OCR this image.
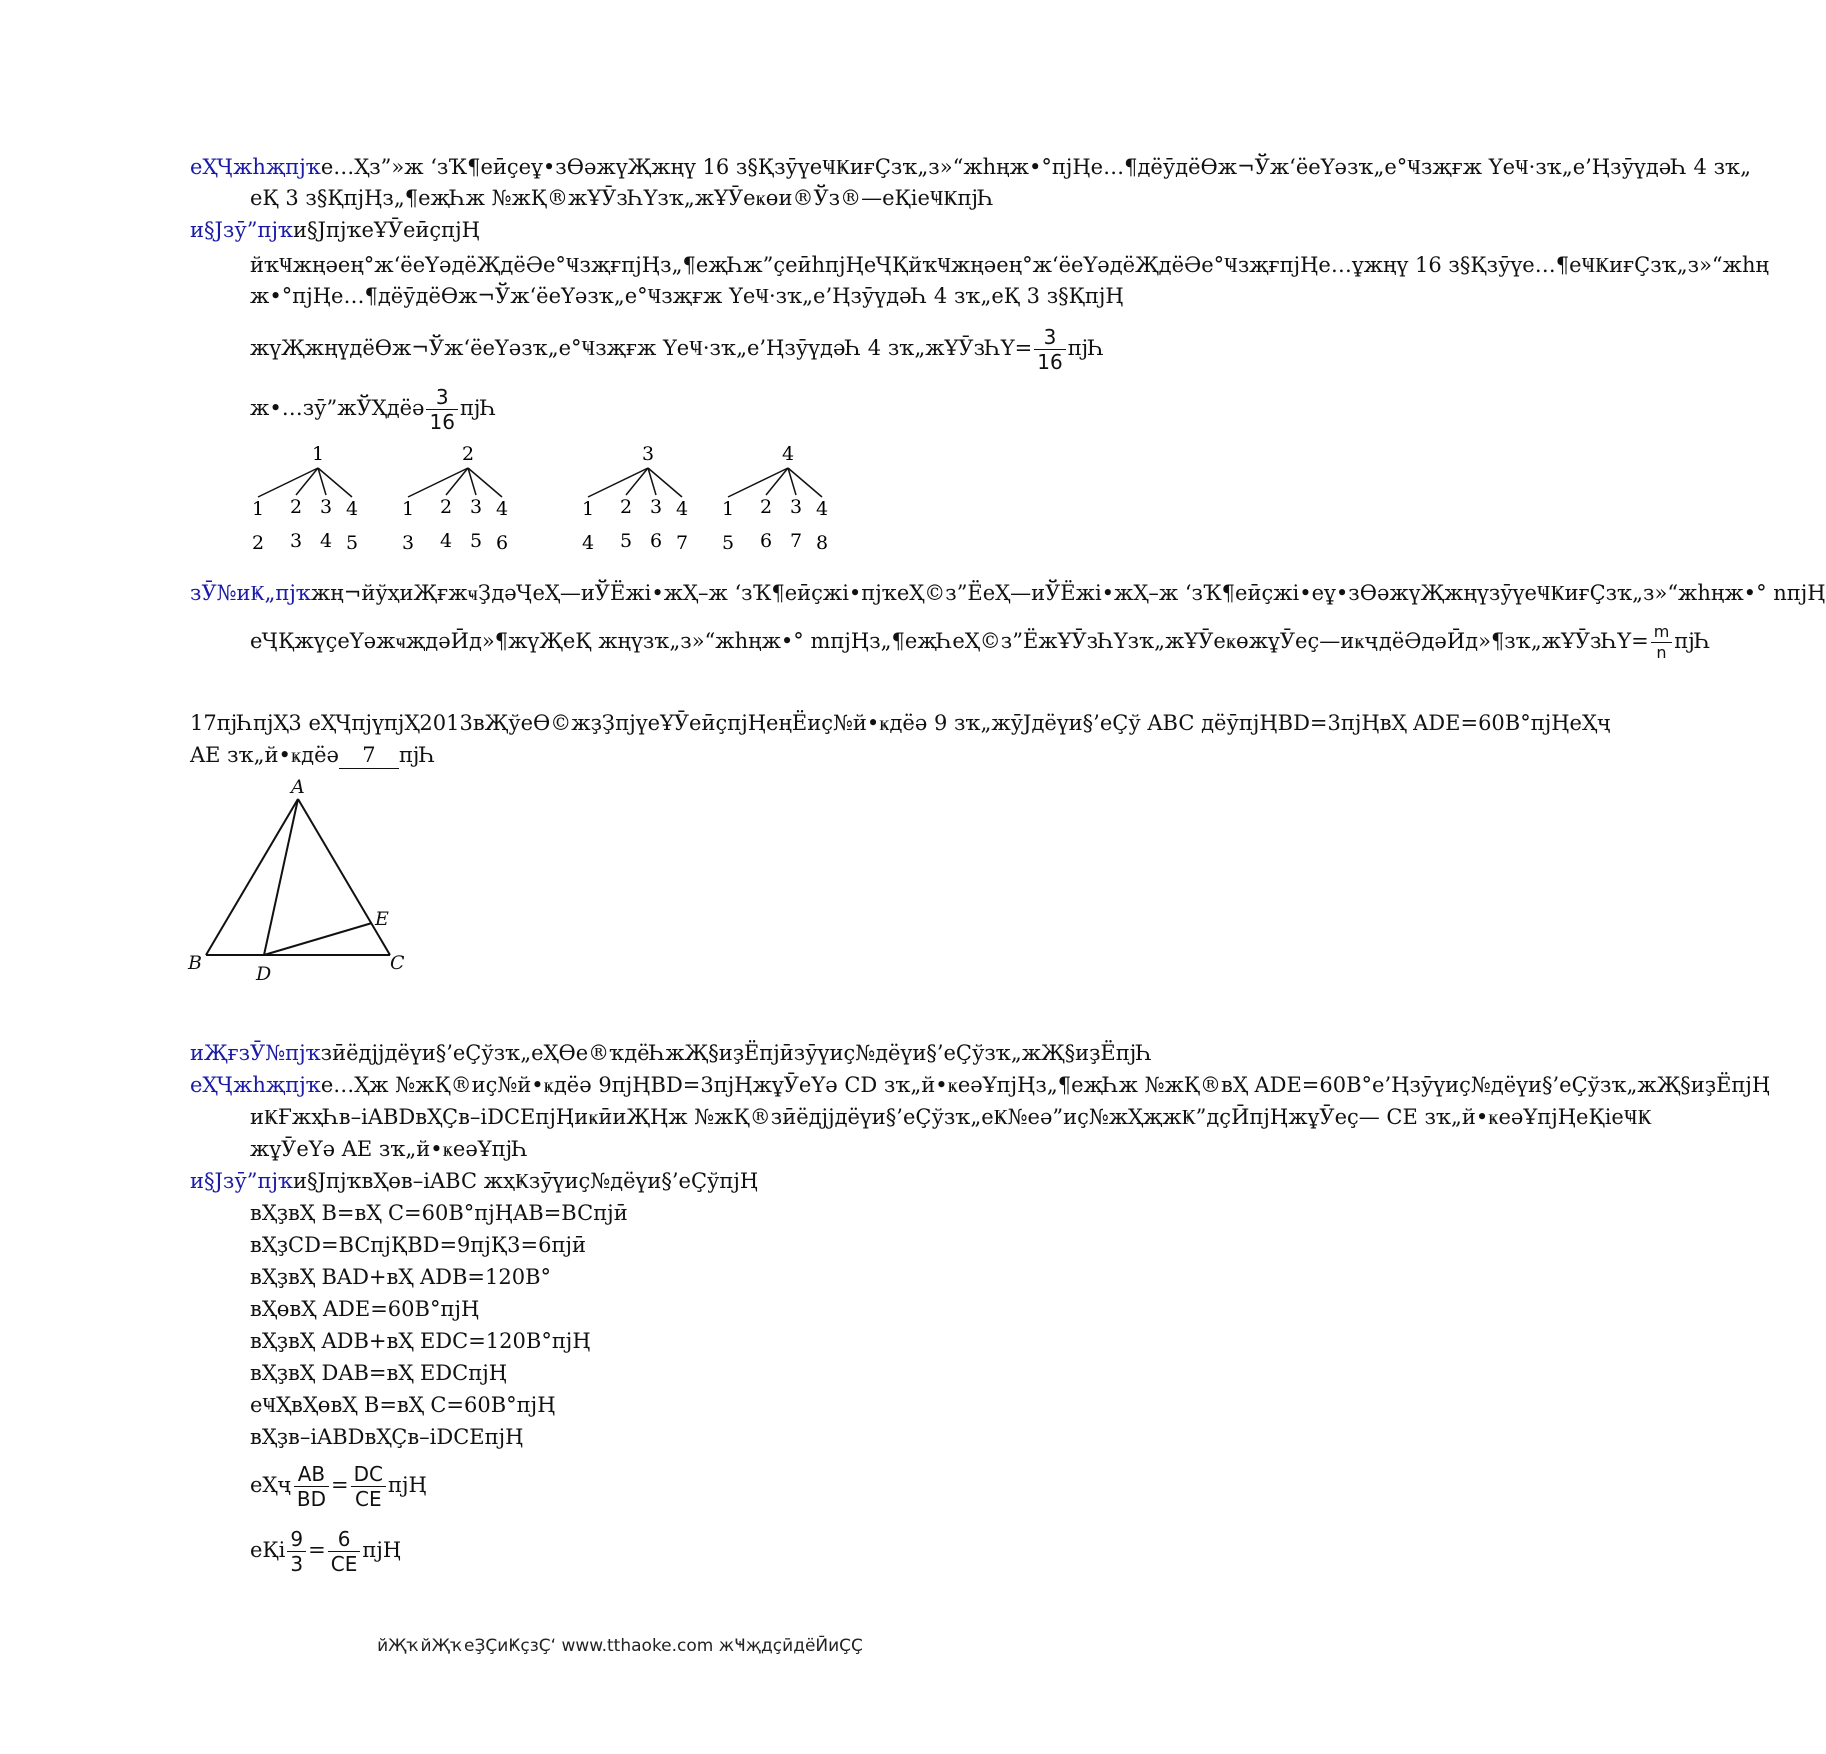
еҲҶжһҗпјҡе…Ҳз”»ж ‘зҠ¶еӣҫеұ•зӨәжүҖжңү 16 з§ҚзӯүеҸҜиғҪзҡ„з»“жһңж•°пјҢе…¶дёӯдёӨж¬Ўж‘ёеҮәзҡ„е°Ҹзҗғж ҮеҸ·зҡ„е’ҢзӯүдәҺ 4 зҡ„
еҚ 3 з§ҚпјҢз„¶еҗҺж №жҚ®жҰӮзҺҮзҡ„жҰӮеҝөи®Ўз®—еҚіеҸҜпјҺ
и§Јзӯ”пјҡи§ЈпјҡеҰӮеӣҫпјҢ
йҡҸжңәең°ж‘ёеҮәдёҖдёӘе°ҸзҗғпјҢз„¶еҗҺж”ҫеӣһпјҢеҶҚйҡҸжңәең°ж‘ёеҮәдёҖдёӘе°ҸзҗғпјҢе…ұжңү 16 з§Қзӯүе…¶еҸҜиғҪзҡ„з»“жһң
ж•°пјҢе…¶дёӯдёӨж¬Ўж‘ёеҮәзҡ„е°Ҹзҗғж ҮеҸ·зҡ„е’ҢзӯүдәҺ 4 зҡ„еҚ 3 з§ҚпјҢ
жүҖжңүдёӨж¬Ўж‘ёеҮәзҡ„е°Ҹзҗғж ҮеҸ·зҡ„е’ҢзӯүдәҺ 4 зҡ„жҰӮзҺҮ= $\frac{3}{16}$ пјҺ
ж•…зӯ”жЎҲдёә $\frac{3}{16}$ пјҺ
1
1
2
2
3
3
4
4
5
2
1
3
2
4
3
5
4
6
3
1
4
2
5
3
6
4
7
4
1
5
2
6
3
7
4
8
зӮ№иҜ„пјҡжң¬йўҳиҖғжҹҘдәҶеҲ—иЎЁжі•жҲ–ж ‘зҠ¶еӣҫжі•пјҡеҲ©з”ЁеҲ—иЎЁжі•жҲ–ж ‘зҠ¶еӣҫжі•еұ•зӨәжүҖжңүзӯүеҸҜиғҪзҡ„з»“жһңж•° nпјҢ
еҶҚжүҫеҮәжҹҗдәӢд»¶жүҖеҚ жңүзҡ„з»“жһңж•° mпјҢз„¶еҗҺеҲ©з”ЁжҰӮзҺҮзҡ„жҰӮеҝөжұӮеҫ—иҝҷдёӘдәӢд»¶зҡ„жҰӮзҺҮ= $\frac{m}{n}$ пјҺ
17пјҺпјҲ3 еҲҶпјүпјҲ2013вҖўеӨ©жҙҘпјүеҰӮеӣҫпјҢеңЁиҫ№й•ҝдёә 9 зҡ„жӯЈдёүи§’еҪў ABC дёӯпјҢBD=3пјҢвҲ ADE=60В°пјҢеҲҷ
AE зҡ„й•ҝдёә 7 пјҺ
A
B	C
D
E
иҖғзӮ№пјҡзӣёдјјдёүи§’еҪўзҡ„еҲӨе®ҡдёҺжҖ§иҙЁпјӣзӯүиҫ№дёүи§’еҪўзҡ„жҖ§иҙЁпјҺ
еҲҶжһҗпјҡе…Ҳж №жҚ®иҫ№й•ҝдёә 9пјҢBD=3пјҢжұӮеҮә CD зҡ„й•ҝеәҰпјҢз„¶еҗҺж №жҚ®вҲ ADE=60В°е’Ңзӯүиҫ№дёүи§’еҪўзҡ„жҖ§иҙЁпјҢ
иҜҒжҳҺв–іABDвҲҪв–іDCEпјҢиҝӣиҖҢж №жҚ®зӣёдјјдёүи§’еҪўзҡ„еҜ№еә”иҫ№жҲҗжҜ”дҫӢпјҢжұӮеҫ— CE зҡ„й•ҝеәҰпјҢеҚіеҸҜ
жұӮеҮә AE зҡ„й•ҝеәҰпјҺ
и§Јзӯ”пјҡи§ЈпјҡвҲөв–іABC жҳҜзӯүиҫ№дёүи§’еҪўпјҢ
вҲҙвҲ B=вҲ C=60В°пјҢAB=BCпјӣ
вҲҙCD=BCпјҚBD=9пјҚ3=6пјӣ
вҲҙвҲ BAD+вҲ ADB=120В°
вҲөвҲ ADE=60В°пјҢ
вҲҙвҲ ADB+вҲ EDC=120В°пјҢ
вҲҙвҲ DAB=вҲ EDCпјҢ
еҸҲвҲөвҲ B=вҲ C=60В°пјҢ
вҲҙв–іABDвҲҪв–іDCEпјҢ
еҲҷ $\frac{AB}{BD} = \frac{DC}{CE}$ пјҢ
еҚі $\frac{9}{3} = \frac{6}{CE}$ пјҢ
йҖҡйҖҡеҘҪиҜҫзҪ‘ www.tthaoke.com жҸҗдҫӣдёӢиҪҪ
